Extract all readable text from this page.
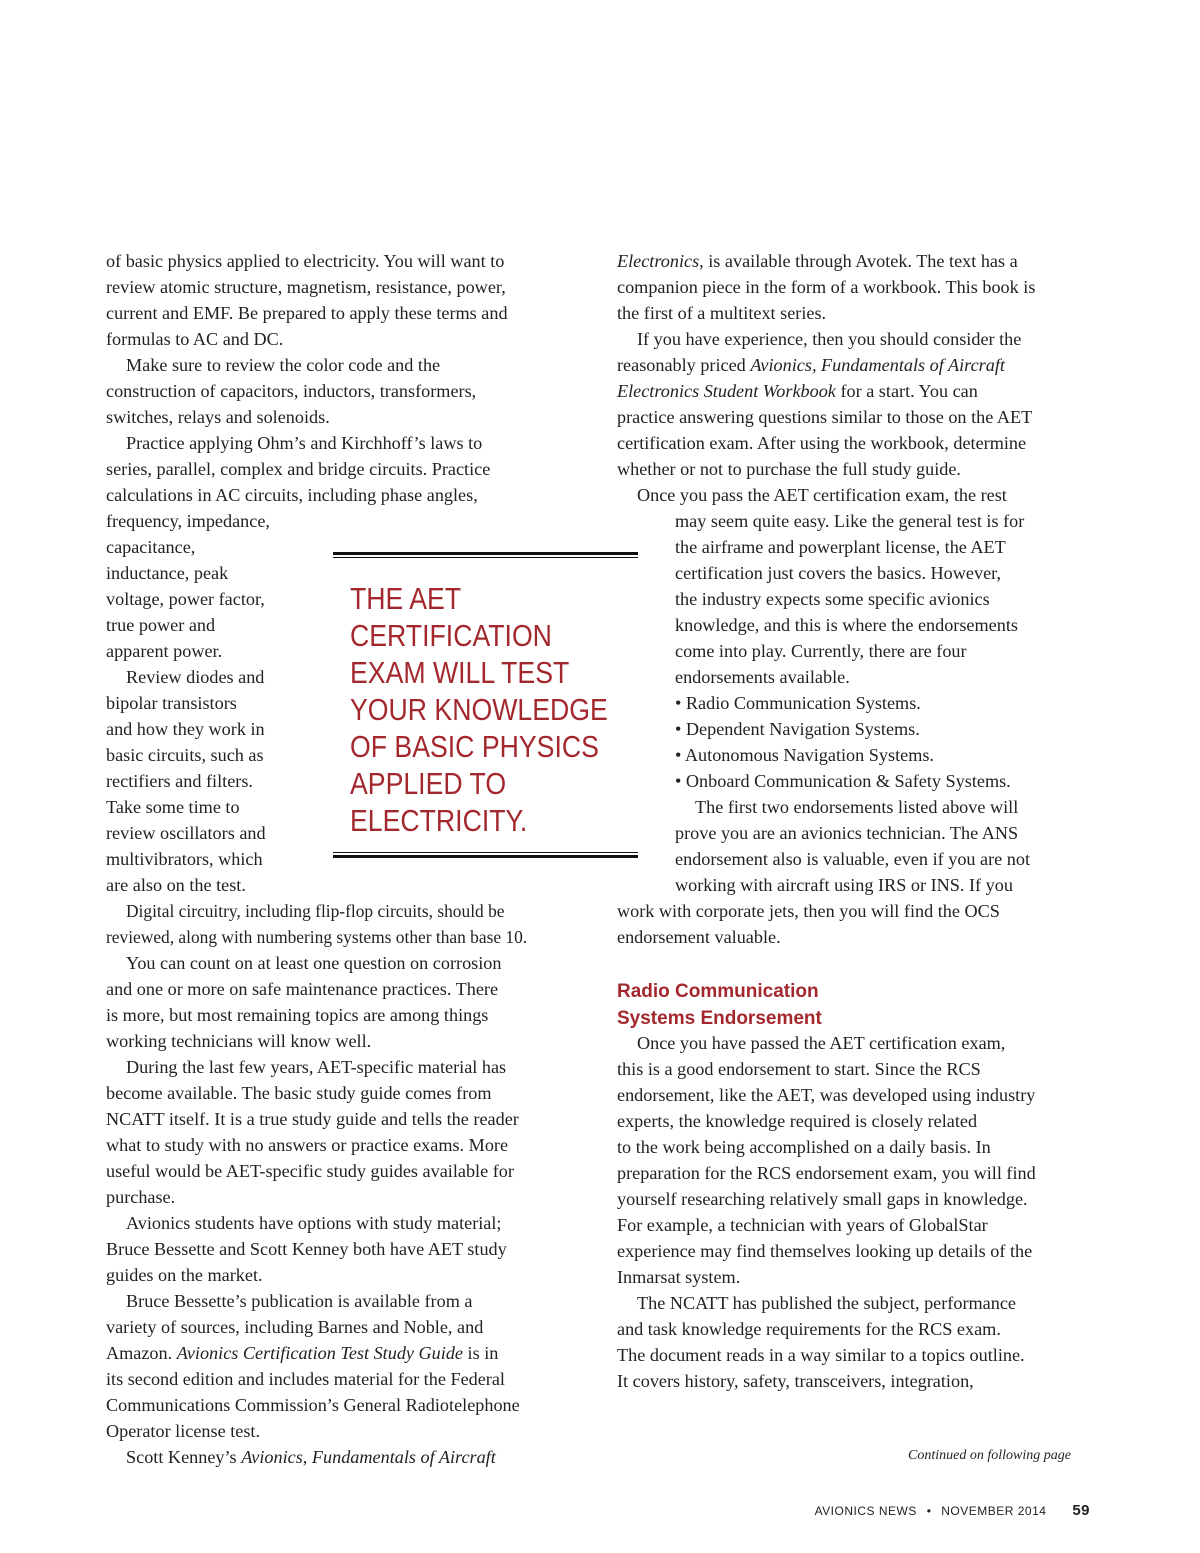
of basic physics applied to electricity. You will want to
review atomic structure, magnetism, resistance, power,
current and EMF. Be prepared to apply these terms and
formulas to AC and DC.
Make sure to review the color code and the
construction of capacitors, inductors, transformers,
switches, relays and solenoids.
Practice applying Ohm’s and Kirchhoff’s laws to
series, parallel, complex and bridge circuits. Practice
calculations in AC circuits, including phase angles,
frequency, impedance,
capacitance,
inductance, peak
voltage, power factor,
true power and
apparent power.
Review diodes and
bipolar transistors
and how they work in
basic circuits, such as
rectifiers and filters.
Take some time to
review oscillators and
multivibrators, which
are also on the test.
Digital circuitry, including flip-flop circuits, should be
reviewed, along with numbering systems other than base 10.
You can count on at least one question on corrosion
and one or more on safe maintenance practices. There
is more, but most remaining topics are among things
working technicians will know well.
During the last few years, AET-specific material has
become available. The basic study guide comes from
NCATT itself. It is a true study guide and tells the reader
what to study with no answers or practice exams. More
useful would be AET-specific study guides available for
purchase.
Avionics students have options with study material;
Bruce Bessette and Scott Kenney both have AET study
guides on the market.
Bruce Bessette’s publication is available from a
variety of sources, including Barnes and Noble, and
Amazon. Avionics Certification Test Study Guide is in
its second edition and includes material for the Federal
Communications Commission’s General Radiotelephone
Operator license test.
Scott Kenney’s Avionics, Fundamentals of Aircraft
THE AET
CERTIFICATION
EXAM WILL TEST
YOUR KNOWLEDGE
OF BASIC PHYSICS
APPLIED TO
ELECTRICITY.
Electronics, is available through Avotek. The text has a
companion piece in the form of a workbook. This book is
the first of a multitext series.
If you have experience, then you should consider the
reasonably priced Avionics, Fundamentals of Aircraft
Electronics Student Workbook for a start. You can
practice answering questions similar to those on the AET
certification exam. After using the workbook, determine
whether or not to purchase the full study guide.
Once you pass the AET certification exam, the rest
may seem quite easy. Like the general test is for
the airframe and powerplant license, the AET
certification just covers the basics. However,
the industry expects some specific avionics
knowledge, and this is where the endorsements
come into play. Currently, there are four
endorsements available.
• Radio Communication Systems.
• Dependent Navigation Systems.
• Autonomous Navigation Systems.
• Onboard Communication & Safety Systems.
The first two endorsements listed above will
prove you are an avionics technician. The ANS
endorsement also is valuable, even if you are not
working with aircraft using IRS or INS. If you
work with corporate jets, then you will find the OCS
endorsement valuable.
Once you have passed the AET certification exam,
this is a good endorsement to start. Since the RCS
endorsement, like the AET, was developed using industry
experts, the knowledge required is closely related
to the work being accomplished on a daily basis. In
preparation for the RCS endorsement exam, you will find
yourself researching relatively small gaps in knowledge.
For example, a technician with years of GlobalStar
experience may find themselves looking up details of the
Inmarsat system.
The NCATT has published the subject, performance
and task knowledge requirements for the RCS exam.
The document reads in a way similar to a topics outline.
It covers history, safety, transceivers, integration,
Radio Communication
Systems Endorsement
Continued on following page
AVIONICS NEWS • NOVEMBER 2014 59
